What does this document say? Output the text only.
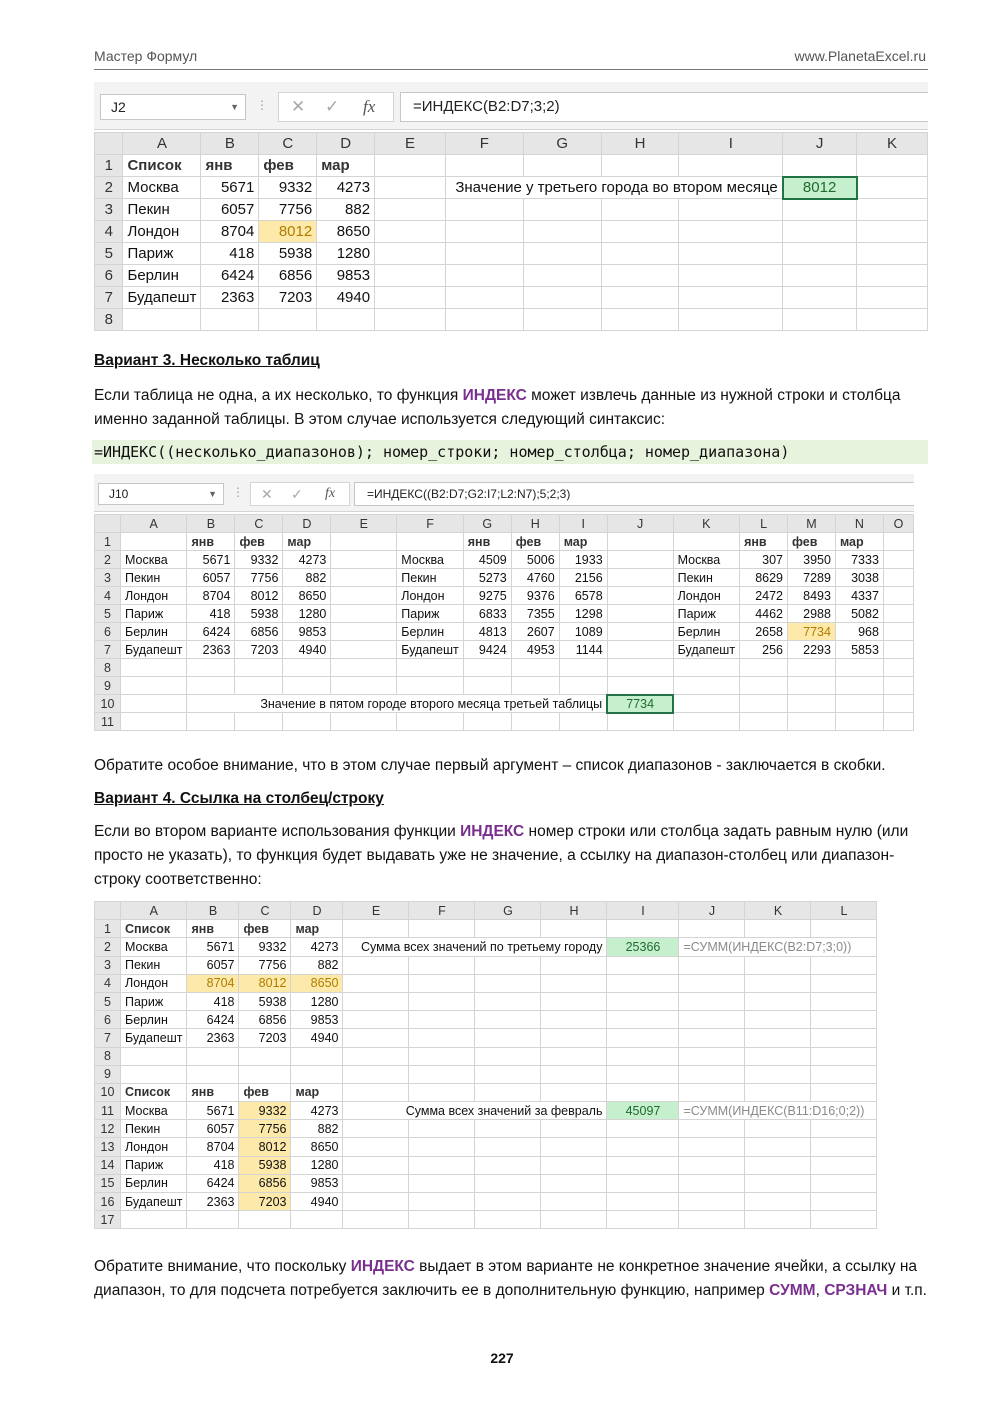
Мастер Формул	www.PlanetaExcel.ru
J2	▼ ⋮ ✕ ✓ fx	=ИНДЕКС(B2:D7;3;2)
	A	B	C	D	E	F	G	H	I	J	K
1	Список	янв	фев	мар							
2	Москва	5671	9332	4273		Значение у третьего города во втором месяце				8012	
3	Пекин	6057	7756	882							
4	Лондон	8704	8012	8650							
5	Париж	418	5938	1280							
6	Берлин	6424	6856	9853							
7	Будапешт	2363	7203	4940							
8											
Вариант 3. Несколько таблиц
Если таблица не одна, а их несколько, то функция ИНДЕКС может извлечь данные из нужной строки и столбца именно заданной таблицы. В этом случае используется следующий синтаксис:
=ИНДЕКС((несколько_диапазонов); номер_строки; номер_столбца; номер_диапазона)
J10	▼ ⋮ ✕ ✓ fx	=ИНДЕКС((B2:D7;G2:I7;L2:N7);5;2;3)
	A	B	C	D	E	F	G	H	I	J	K	L	M	N	O
1		янв	фев	мар			янв	фев	мар			янв	фев	мар	
2	Москва	5671	9332	4273		Москва	4509	5006	1933		Москва	307	3950	7333	
3	Пекин	6057	7756	882		Пекин	5273	4760	2156		Пекин	8629	7289	3038	
4	Лондон	8704	8012	8650		Лондон	9275	9376	6578		Лондон	2472	8493	4337	
5	Париж	418	5938	1280		Париж	6833	7355	1298		Париж	4462	2988	5082	
6	Берлин	6424	6856	9853		Берлин	4813	2607	1089		Берлин	2658	7734	968	
7	Будапешт	2363	7203	4940		Будапешт	9424	4953	1144		Будапешт	256	2293	5853	
8															
9															
10		Значение в пятом городе второго месяца третьей таблицы								7734					
11															
Обратите особое внимание, что в этом случае первый аргумент – список диапазонов - заключается в скобки.
Вариант 4. Ссылка на столбец/строку
Если во втором варианте использования функции ИНДЕКС номер строки или столбца задать равным нулю (или просто не указать), то функция будет выдавать уже не значение, а ссылку на диапазон-столбец или диапазон-строку соответственно:
	A	B	C	D	E	F	G	H	I	J	K	L
1	Список	янв	фев	мар								
2	Москва	5671	9332	4273	Сумма всех значений по третьему городу				25366	=СУММ(ИНДЕКС(B2:D7;3;0))		
3	Пекин	6057	7756	882								
4	Лондон	8704	8012	8650								
5	Париж	418	5938	1280								
6	Берлин	6424	6856	9853								
7	Будапешт	2363	7203	4940								
8												
9												
10	Список	янв	фев	мар								
11	Москва	5671	9332	4273	Сумма всех значений за февраль				45097	=СУММ(ИНДЕКС(B11:D16;0;2))		
12	Пекин	6057	7756	882								
13	Лондон	8704	8012	8650								
14	Париж	418	5938	1280								
15	Берлин	6424	6856	9853								
16	Будапешт	2363	7203	4940								
17												
Обратите внимание, что поскольку ИНДЕКС выдает в этом варианте не конкретное значение ячейки, а ссылку на диапазон, то для подсчета потребуется заключить ее в дополнительную функцию, например СУММ, СРЗНАЧ и т.п.
227
